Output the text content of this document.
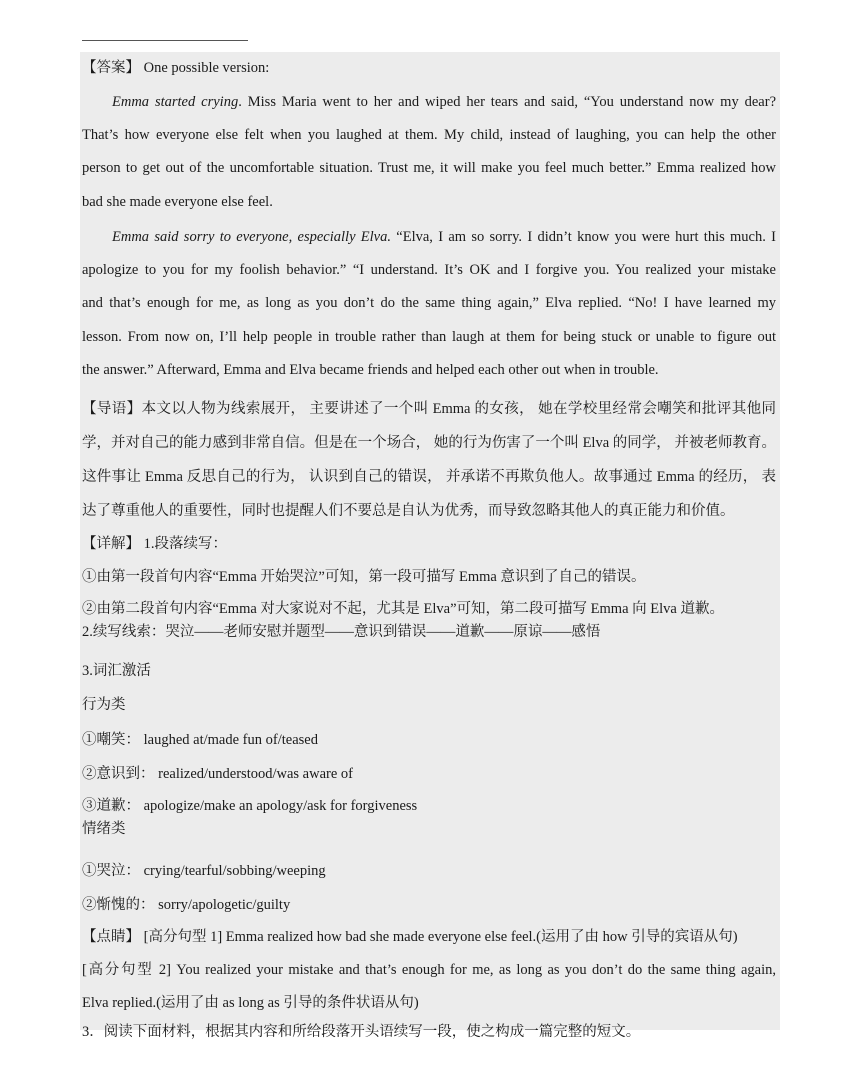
【答案】 One possible version:
Emma started crying. Miss Maria went to her and wiped her tears and said, “You understand now my dear?
That’s how everyone else felt when you laughed at them. My child, instead of laughing, you can help the other
person to get out of the uncomfortable situation. Trust me, it will make you feel much better.” Emma realized how
bad she made everyone else feel.
Emma said sorry to everyone, especially Elva. “Elva, I am so sorry. I didn’t know you were hurt this much. I
apologize to you for my foolish behavior.” “I understand. It’s OK and I forgive you. You realized your mistake
and that’s enough for me, as long as you don’t do the same thing again,” Elva replied. “No! I have learned my
lesson. From now on, I’ll help people in trouble rather than laugh at them for being stuck or unable to figure out
the answer.” Afterward, Emma and Elva became friends and helped each other out when in trouble.
【导语】本文以人物为线索展开， 主要讲述了一个叫 Emma 的女孩， 她在学校里经常会嘲笑和批评其他同
学，并对自己的能力感到非常自信。但是在一个场合， 她的行为伤害了一个叫 Elva 的同学， 并被老师教育。
这件事让 Emma 反思自己的行为， 认识到自己的错误， 并承诺不再欺负他人。故事通过 Emma 的经历， 表
达了尊重他人的重要性，同时也提醒人们不要总是自认为优秀，而导致忽略其他人的真正能力和价值。
【详解】 1.段落续写：
①由第一段首句内容“Emma 开始哭泣”可知，第一段可描写 Emma 意识到了自己的错误。
②由第二段首句内容“Emma 对大家说对不起，尤其是 Elva”可知，第二段可描写 Emma 向 Elva 道歉。
2.续写线索：哭泣——老师安慰并题型——意识到错误——道歉——原谅——感悟
3.词汇激活
行为类
①嘲笑： laughed at/made fun of/teased
②意识到： realized/understood/was aware of
③道歉： apologize/make an apology/ask for forgiveness
情绪类
①哭泣： crying/tearful/sobbing/weeping
②惭愧的： sorry/apologetic/guilty
【点睛】 [高分句型 1] Emma realized how bad she made everyone else feel.(运用了由 how 引导的宾语从句)
[高分句型 2] You realized your mistake and that’s enough for me, as long as you don’t do the same thing again,
Elva replied.(运用了由 as long as 引导的条件状语从句)
3．阅读下面材料，根据其内容和所给段落开头语续写一段，使之构成一篇完整的短文。
